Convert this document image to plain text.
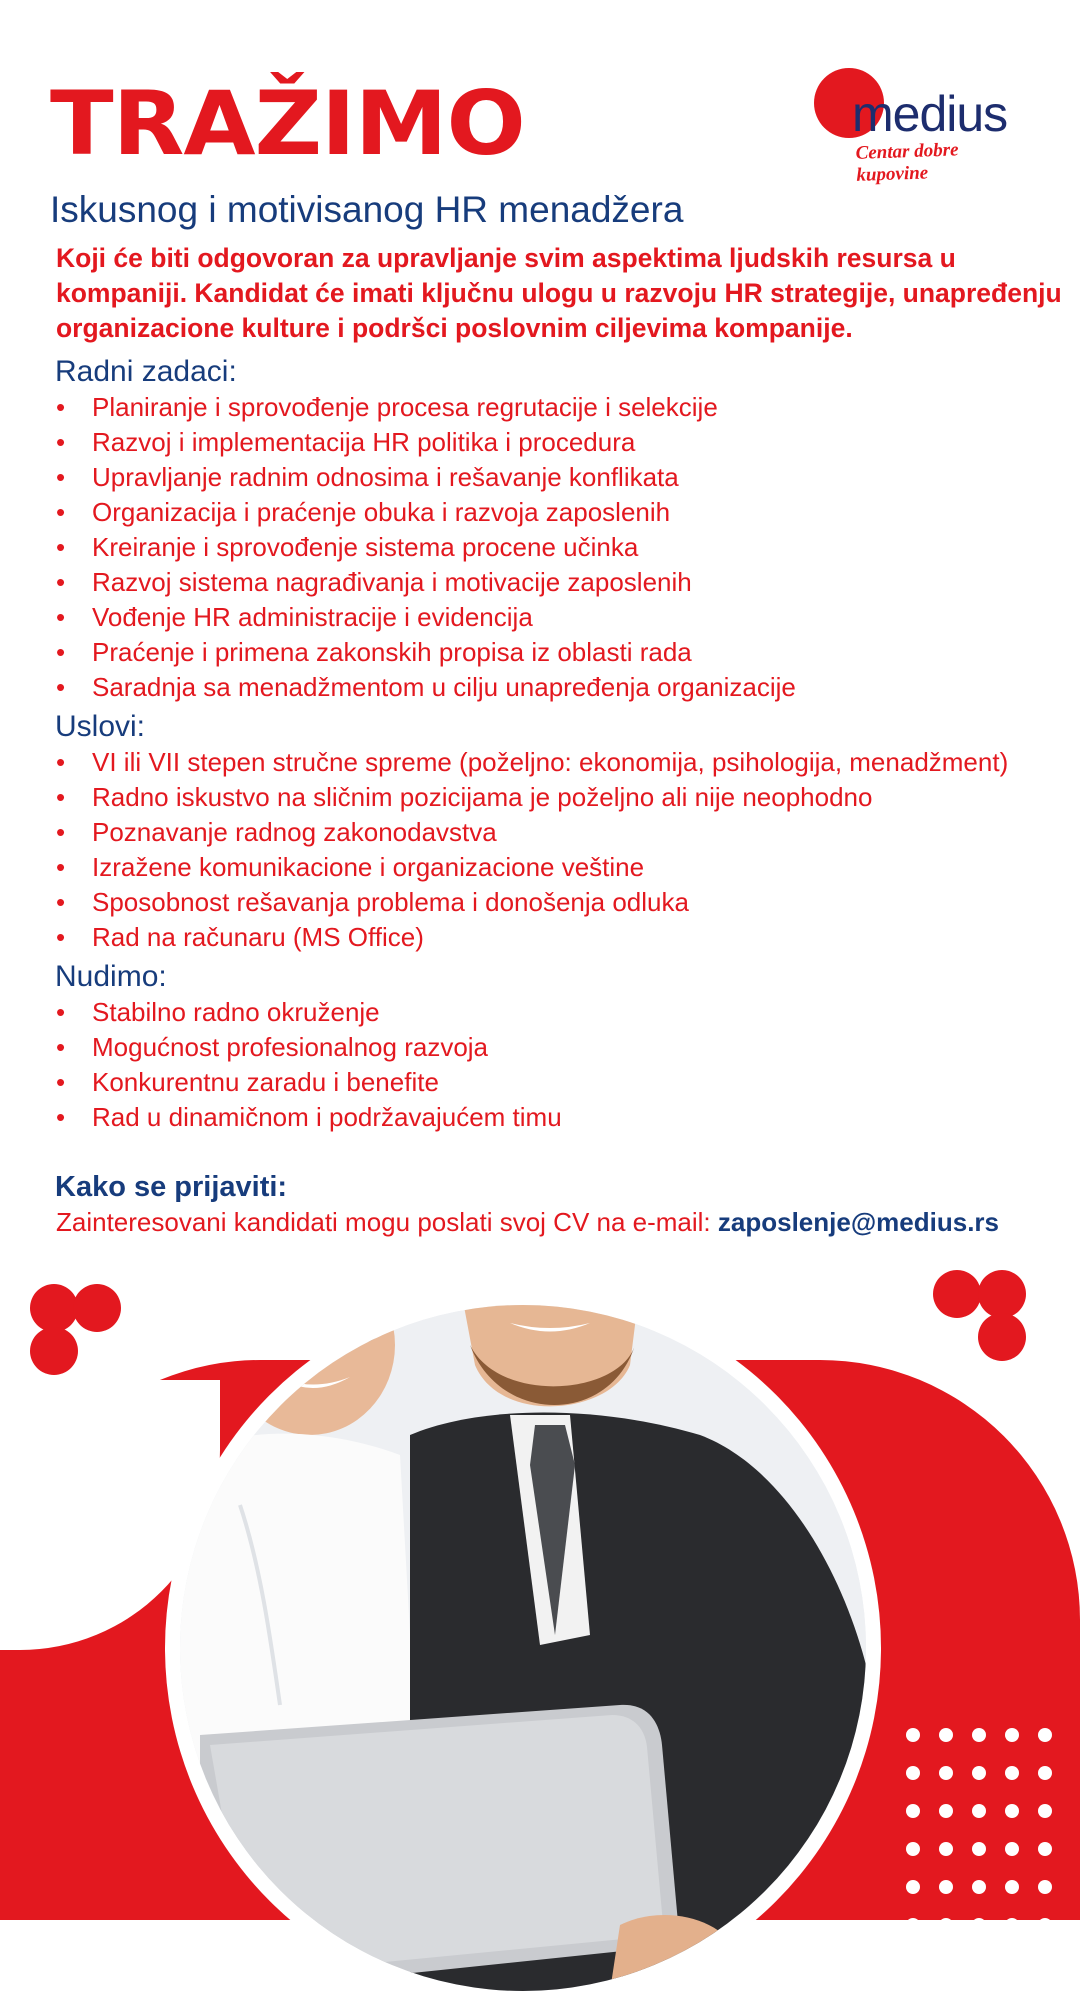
TRAŽIMO	medius
Centar dobre kupovine
Iskusnog i motivisanog HR menadžera

Koji će biti odgovoran za upravljanje svim aspektima ljudskih resursa u kompaniji. Kandidat će imati ključnu ulogu u razvoju HR strategije, unapređenju organizacione kulture i podršci poslovnim ciljevima kompanije.

Radni zadaci:
• Planiranje i sprovođenje procesa regrutacije i selekcije
• Razvoj i implementacija HR politika i procedura
• Upravljanje radnim odnosima i rešavanje konflikata
• Organizacija i praćenje obuka i razvoja zaposlenih
• Kreiranje i sprovođenje sistema procene učinka
• Razvoj sistema nagrađivanja i motivacije zaposlenih
• Vođenje HR administracije i evidencija
• Praćenje i primena zakonskih propisa iz oblasti rada
• Saradnja sa menadžmentom u cilju unapređenja organizacije
Uslovi:
• VI ili VII stepen stručne spreme (poželjno: ekonomija, psihologija, menadžment)
• Radno iskustvo na sličnim pozicijama je poželjno ali nije neophodno
• Poznavanje radnog zakonodavstva
• Izražene komunikacione i organizacione veštine
• Sposobnost rešavanja problema i donošenja odluka
• Rad na računaru (MS Office)
Nudimo:
• Stabilno radno okruženje
• Mogućnost profesionalnog razvoja
• Konkurentnu zaradu i benefite
• Rad u dinamičnom i podržavajućem timu
Kako se prijaviti:

Zainteresovani kandidati mogu poslati svoj CV na e-mail: zaposlenje@medius.rs
